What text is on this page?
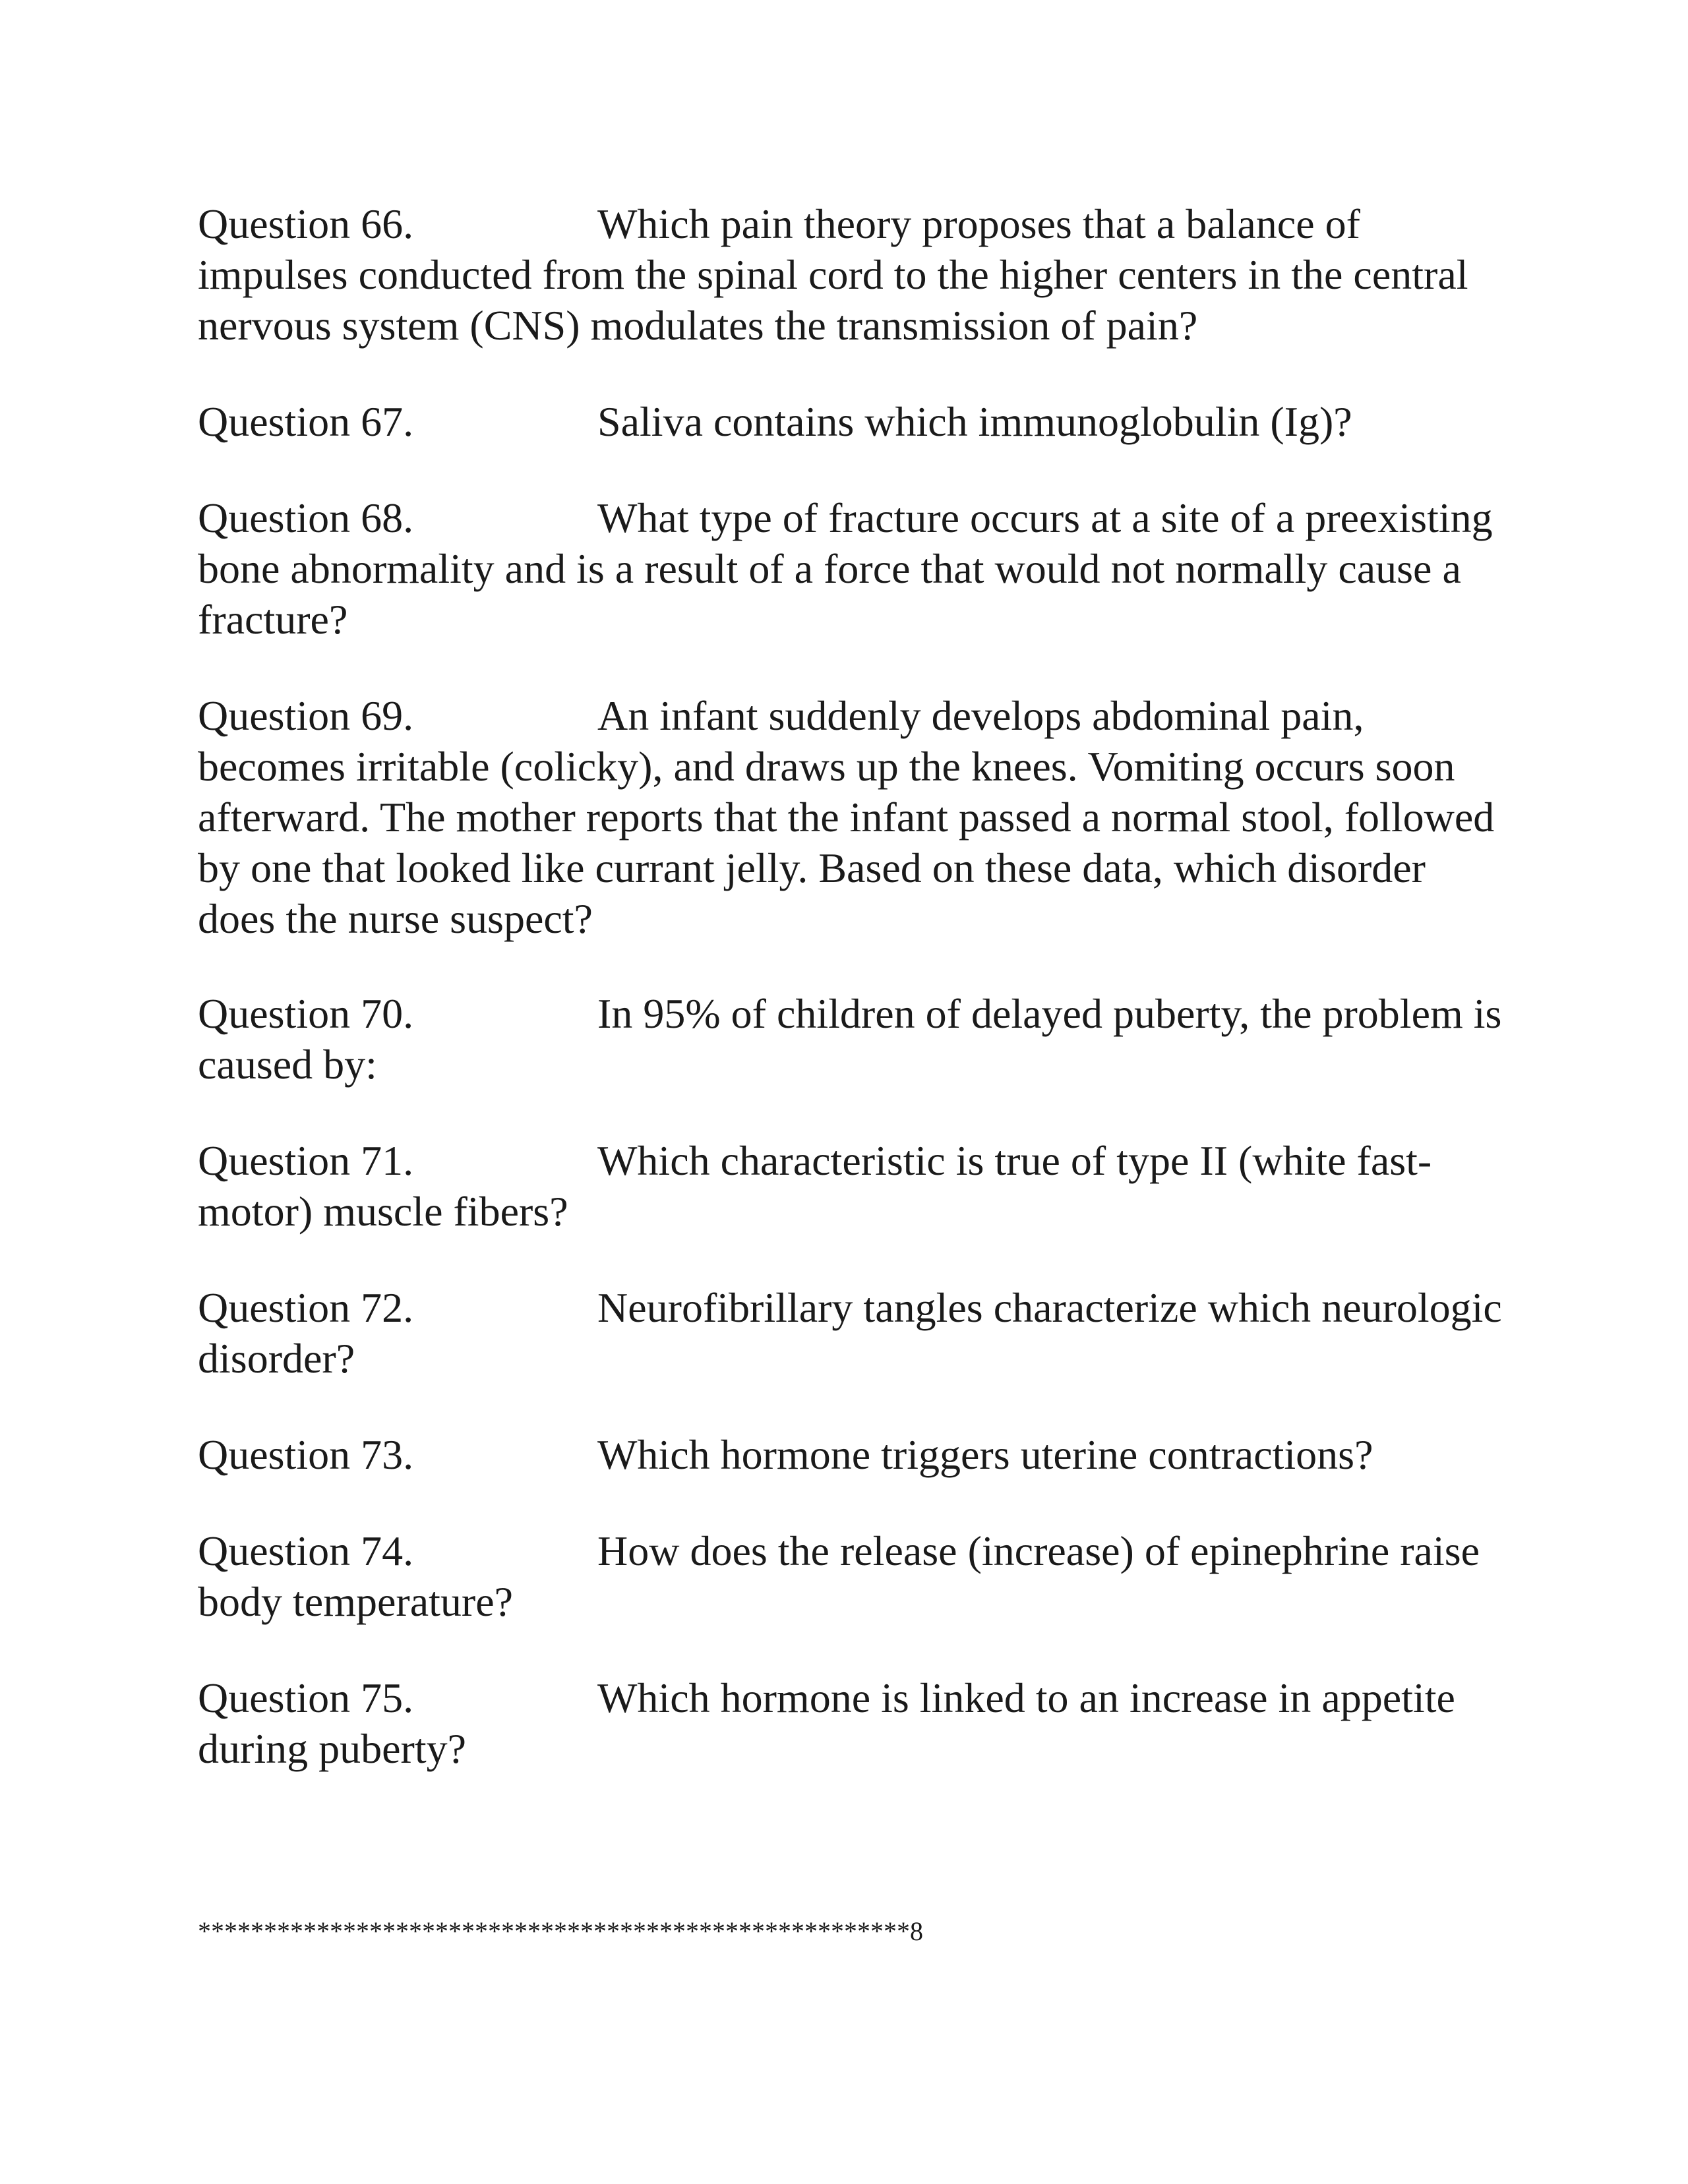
Question 66.	Which pain theory proposes that a balance of impulses conducted from the spinal cord to the higher centers in the central nervous system (CNS) modulates the transmission of pain?

Question 67.	Saliva contains which immunoglobulin (Ig)?

Question 68.	What type of fracture occurs at a site of a preexisting bone abnormality and is a result of a force that would not normally cause a fracture?

Question 69.	An infant suddenly develops abdominal pain, becomes irritable (colicky), and draws up the knees. Vomiting occurs soon afterward. The mother reports that the infant passed a normal stool, followed by one that looked like currant jelly. Based on these data, which disorder does the nurse suspect?

Question 70.	In 95% of children of delayed puberty, the problem is caused by:

Question 71.	Which characteristic is true of type II (white fast-motor) muscle fibers?

Question 72.	Neurofibrillary tangles characterize which neurologic disorder?

Question 73.	Which hormone triggers uterine contractions?

Question 74.	How does the release (increase) of epinephrine raise body temperature?

Question 75.	Which hormone is linked to an increase in appetite during puberty?

******************************************************8
